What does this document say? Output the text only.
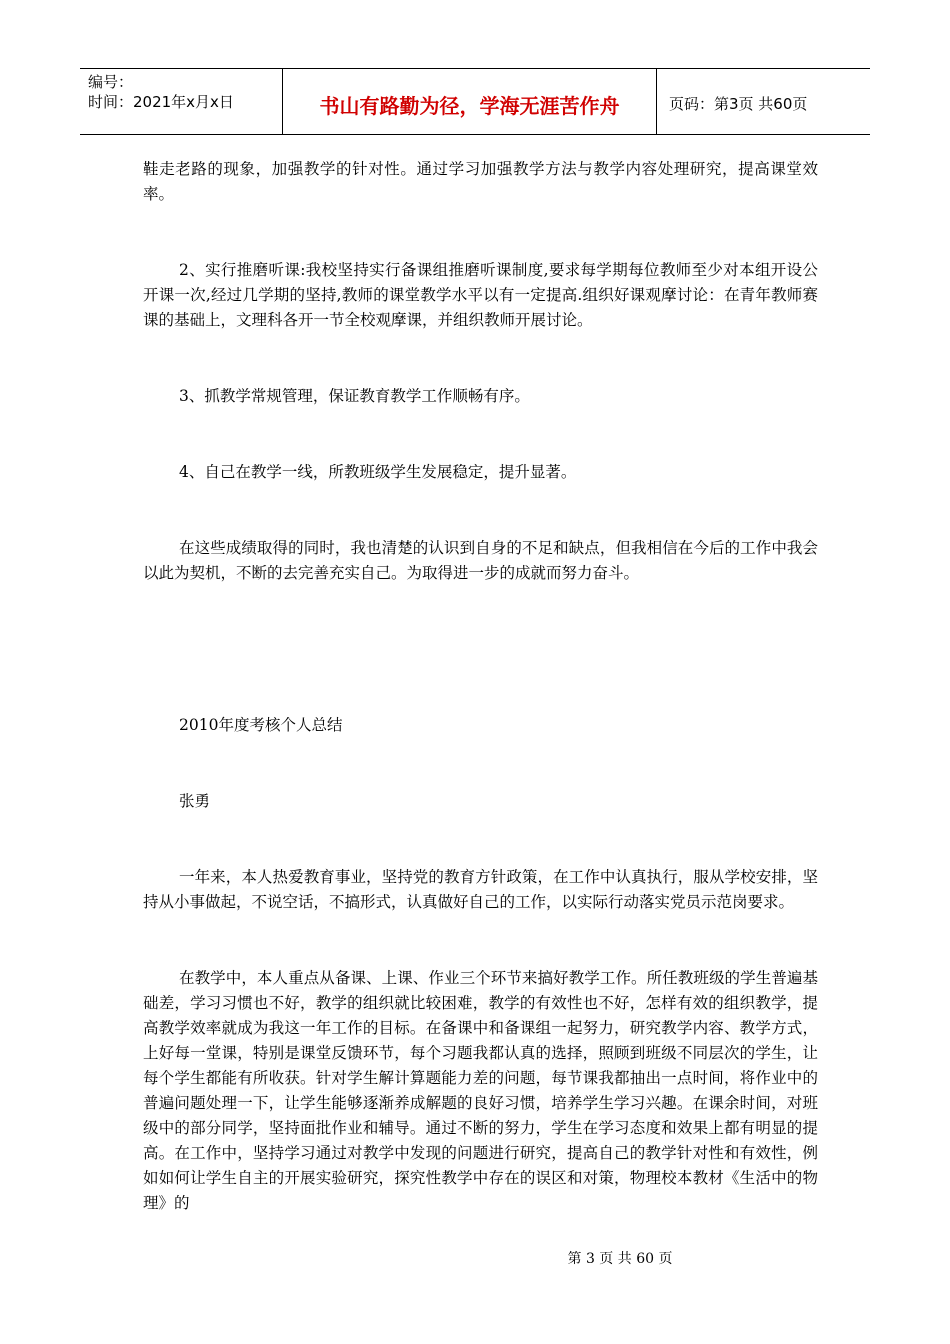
编号：
时间：2021年x月x日	书山有路勤为径，学海无涯苦作舟	页码：第3页 共60页

鞋走老路的现象，加强教学的针对性。通过学习加强教学方法与教学内容处理研究，提高课堂效率。

2、实行推磨听课:我校坚持实行备课组推磨听课制度,要求每学期每位教师至少对本组开设公开课一次,经过几学期的坚持,教师的课堂教学水平以有一定提高.组织好课观摩讨论：在青年教师赛课的基础上，文理科各开一节全校观摩课，并组织教师开展讨论。

3、抓教学常规管理，保证教育教学工作顺畅有序。

4、自己在教学一线，所教班级学生发展稳定，提升显著。

在这些成绩取得的同时，我也清楚的认识到自身的不足和缺点，但我相信在今后的工作中我会以此为契机，不断的去完善充实自己。为取得进一步的成就而努力奋斗。

2010年度考核个人总结

张勇

一年来，本人热爱教育事业，坚持党的教育方针政策，在工作中认真执行，服从学校安排，坚持从小事做起，不说空话，不搞形式，认真做好自己的工作，以实际行动落实党员示范岗要求。

在教学中，本人重点从备课、上课、作业三个环节来搞好教学工作。所任教班级的学生普遍基础差，学习习惯也不好，教学的组织就比较困难，教学的有效性也不好，怎样有效的组织教学，提高教学效率就成为我这一年工作的目标。在备课中和备课组一起努力，研究教学内容、教学方式，上好每一堂课，特别是课堂反馈环节，每个习题我都认真的选择，照顾到班级不同层次的学生，让每个学生都能有所收获。针对学生解计算题能力差的问题，每节课我都抽出一点时间，将作业中的普遍问题处理一下，让学生能够逐渐养成解题的良好习惯，培养学生学习兴趣。在课余时间，对班级中的部分同学，坚持面批作业和辅导。通过不断的努力，学生在学习态度和效果上都有明显的提高。在工作中，坚持学习通过对教学中发现的问题进行研究，提高自己的教学针对性和有效性，例如如何让学生自主的开展实验研究，探究性教学中存在的误区和对策，物理校本教材《生活中的物理》的

第 3 页 共 60 页
